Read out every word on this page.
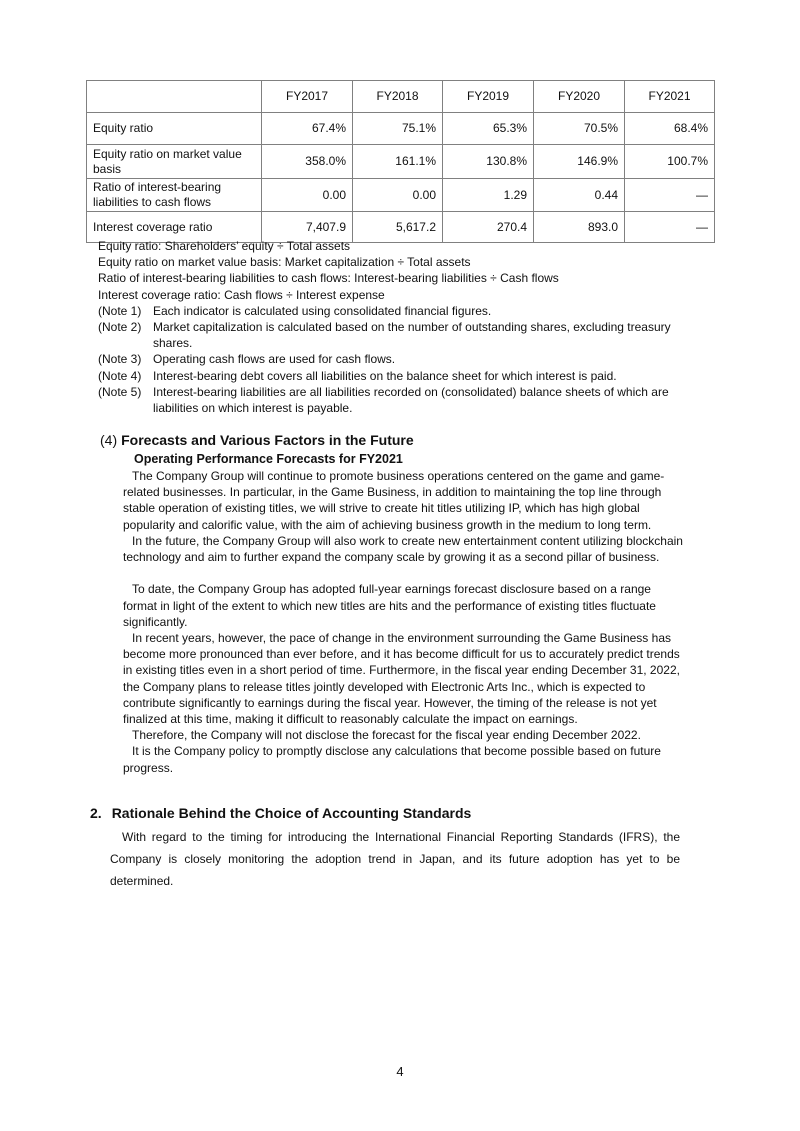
	FY2017	FY2018	FY2019	FY2020	FY2021
Equity ratio	67.4%	75.1%	65.3%	70.5%	68.4%
Equity ratio on market value basis	358.0%	161.1%	130.8%	146.9%	100.7%
Ratio of interest-bearing liabilities to cash flows	0.00	0.00	1.29	0.44	—
Interest coverage ratio	7,407.9	5,617.2	270.4	893.0	—
Equity ratio: Shareholders’ equity ÷ Total assets
Equity ratio on market value basis: Market capitalization ÷ Total assets
Ratio of interest-bearing liabilities to cash flows: Interest-bearing liabilities ÷ Cash flows
Interest coverage ratio: Cash flows ÷ Interest expense
(Note 1) Each indicator is calculated using consolidated financial figures.
(Note 2) Market capitalization is calculated based on the number of outstanding shares, excluding treasury shares.
(Note 3) Operating cash flows are used for cash flows.
(Note 4) Interest-bearing debt covers all liabilities on the balance sheet for which interest is paid.
(Note 5) Interest-bearing liabilities are all liabilities recorded on (consolidated) balance sheets of which are liabilities on which interest is payable.
(4) Forecasts and Various Factors in the Future
Operating Performance Forecasts for FY2021

The Company Group will continue to promote business operations centered on the game and game-related businesses. In particular, in the Game Business, in addition to maintaining the top line through stable operation of existing titles, we will strive to create hit titles utilizing IP, which has high global popularity and calorific value, with the aim of achieving business growth in the medium to long term.

In the future, the Company Group will also work to create new entertainment content utilizing blockchain technology and aim to further expand the company scale by growing it as a second pillar of business.

To date, the Company Group has adopted full-year earnings forecast disclosure based on a range format in light of the extent to which new titles are hits and the performance of existing titles fluctuate significantly.

In recent years, however, the pace of change in the environment surrounding the Game Business has become more pronounced than ever before, and it has become difficult for us to accurately predict trends in existing titles even in a short period of time. Furthermore, in the fiscal year ending December 31, 2022, the Company plans to release titles jointly developed with Electronic Arts Inc., which is expected to contribute significantly to earnings during the fiscal year. However, the timing of the release is not yet finalized at this time, making it difficult to reasonably calculate the impact on earnings.

Therefore, the Company will not disclose the forecast for the fiscal year ending December 2022.

It is the Company policy to promptly disclose any calculations that become possible based on future progress.

2. Rationale Behind the Choice of Accounting Standards

With regard to the timing for introducing the International Financial Reporting Standards (IFRS), the Company is closely monitoring the adoption trend in Japan, and its future adoption has yet to be determined.

4
